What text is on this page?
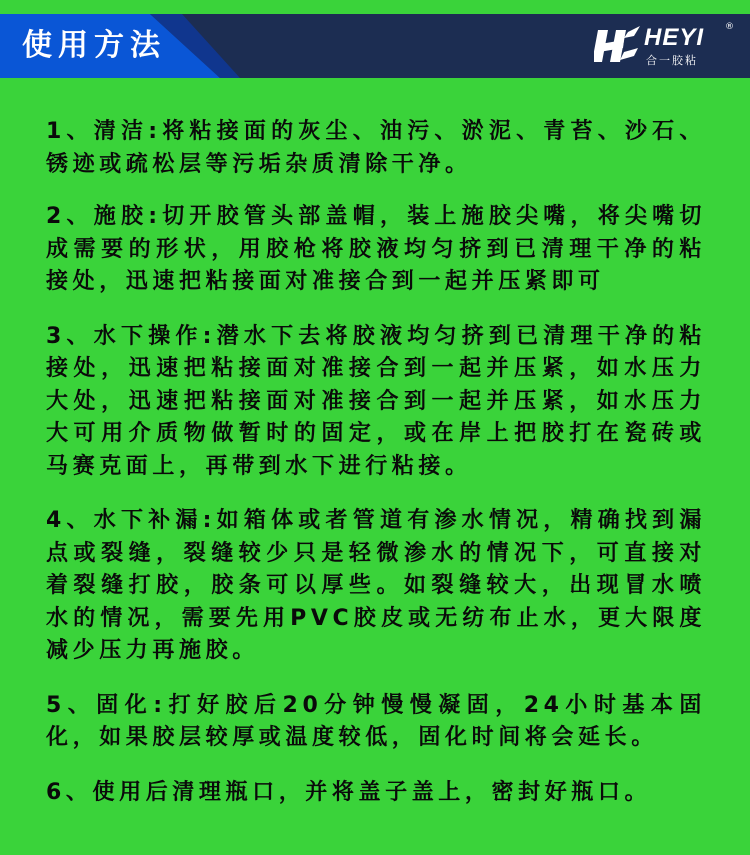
使用方法	HEYI
合一胶粘
®

1、清洁:将粘接面的灰尘、油污、淤泥、青苔、沙石、锈迹或疏松层等污垢杂质清除干净。

2、施胶:切开胶管头部盖帽，装上施胶尖嘴，将尖嘴切成需要的形状，用胶枪将胶液均匀挤到已清理干净的粘接处，迅速把粘接面对准接合到一起并压紧即可

3、水下操作:潜水下去将胶液均匀挤到已清理干净的粘接处，迅速把粘接面对准接合到一起并压紧，如水压力大处，迅速把粘接面对准接合到一起并压紧，如水压力大可用介质物做暂时的固定，或在岸上把胶打在瓷砖或马赛克面上，再带到水下进行粘接。

4、水下补漏:如箱体或者管道有渗水情况，精确找到漏点或裂缝，裂缝较少只是轻微渗水的情况下，可直接对着裂缝打胶，胶条可以厚些。如裂缝较大，出现冒水喷水的情况，需要先用PVC胶皮或无纺布止水，更大限度减少压力再施胶。

5、固化:打好胶后20分钟慢慢凝固，24小时基本固化，如果胶层较厚或温度较低，固化时间将会延长。

6、使用后清理瓶口，并将盖子盖上，密封好瓶口。
